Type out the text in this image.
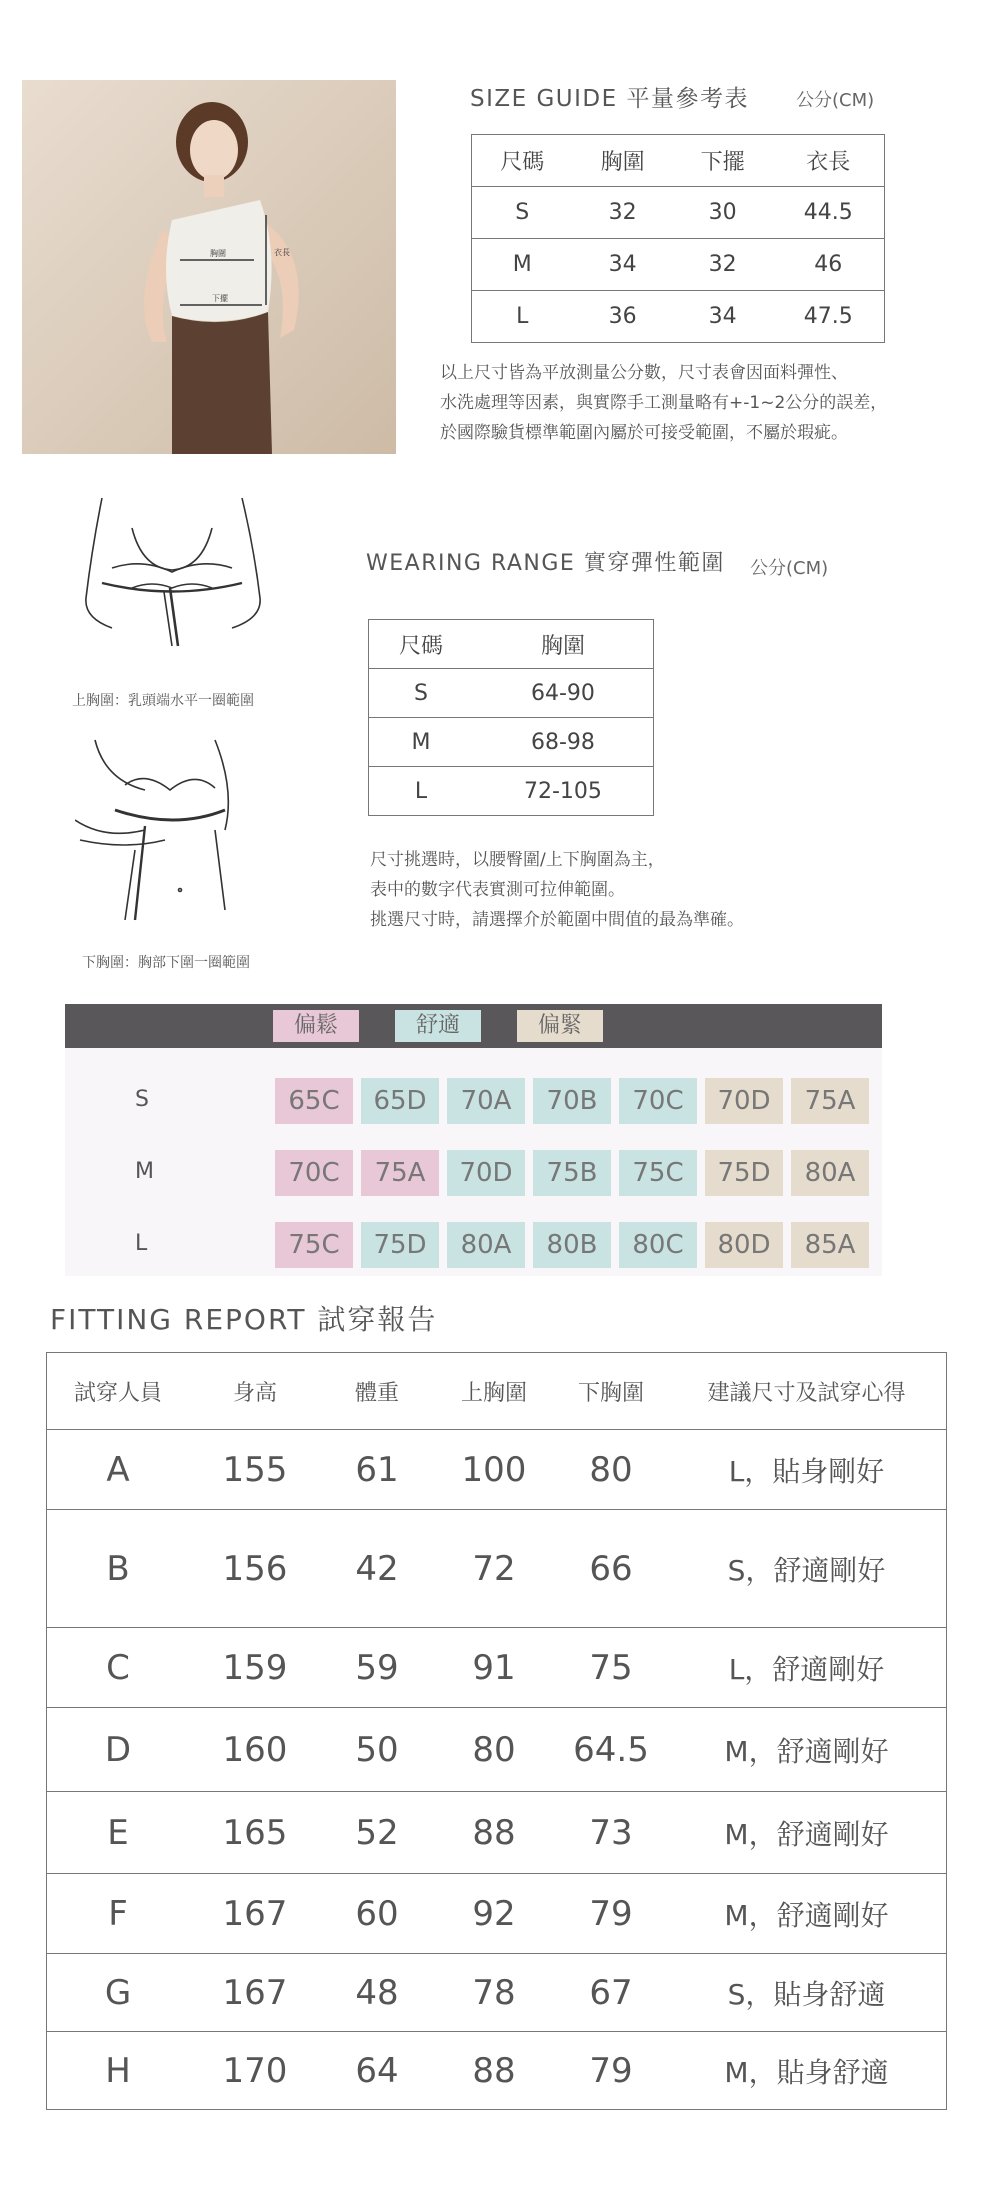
胸圍
下擺
衣長
SIZE GUIDE 平量參考表	公分(CM)
尺碼	胸圍	下擺	衣長
S	32	30	44.5
M	34	32	46
L	36	34	47.5
以上尺寸皆為平放測量公分數，尺寸表會因面料彈性、
水洗處理等因素，與實際手工測量略有+-1~2公分的誤差，
於國際驗貨標準範圍內屬於可接受範圍，不屬於瑕疵。
上胸圍：乳頭端水平一圈範圍
下胸圍：胸部下圍一圈範圍
WEARING RANGE 實穿彈性範圍 公分(CM)
尺碼	胸圍
S	64-90
M	68-98
L	72-105
尺寸挑選時，以腰臀圍/上下胸圍為主，
表中的數字代表實測可拉伸範圍。
挑選尺寸時，請選擇介於範圍中間值的最為準確。
偏鬆	舒適	偏緊
S	65C	65D	70A	70B	70C	70D	75A
M	70C	75A	70D	75B	75C	75D	80A
L	75C	75D	80A	80B	80C	80D	85A
FITTING REPORT 試穿報告
試穿人員	身高	體重	上胸圍	下胸圍	建議尺寸及試穿心得
A	155	61	100	80	L，貼身剛好
B	156	42	72	66	S，舒適剛好
C	159	59	91	75	L，舒適剛好
D	160	50	80	64.5	M，舒適剛好
E	165	52	88	73	M，舒適剛好
F	167	60	92	79	M，舒適剛好
G	167	48	78	67	S，貼身舒適
H	170	64	88	79	M，貼身舒適
